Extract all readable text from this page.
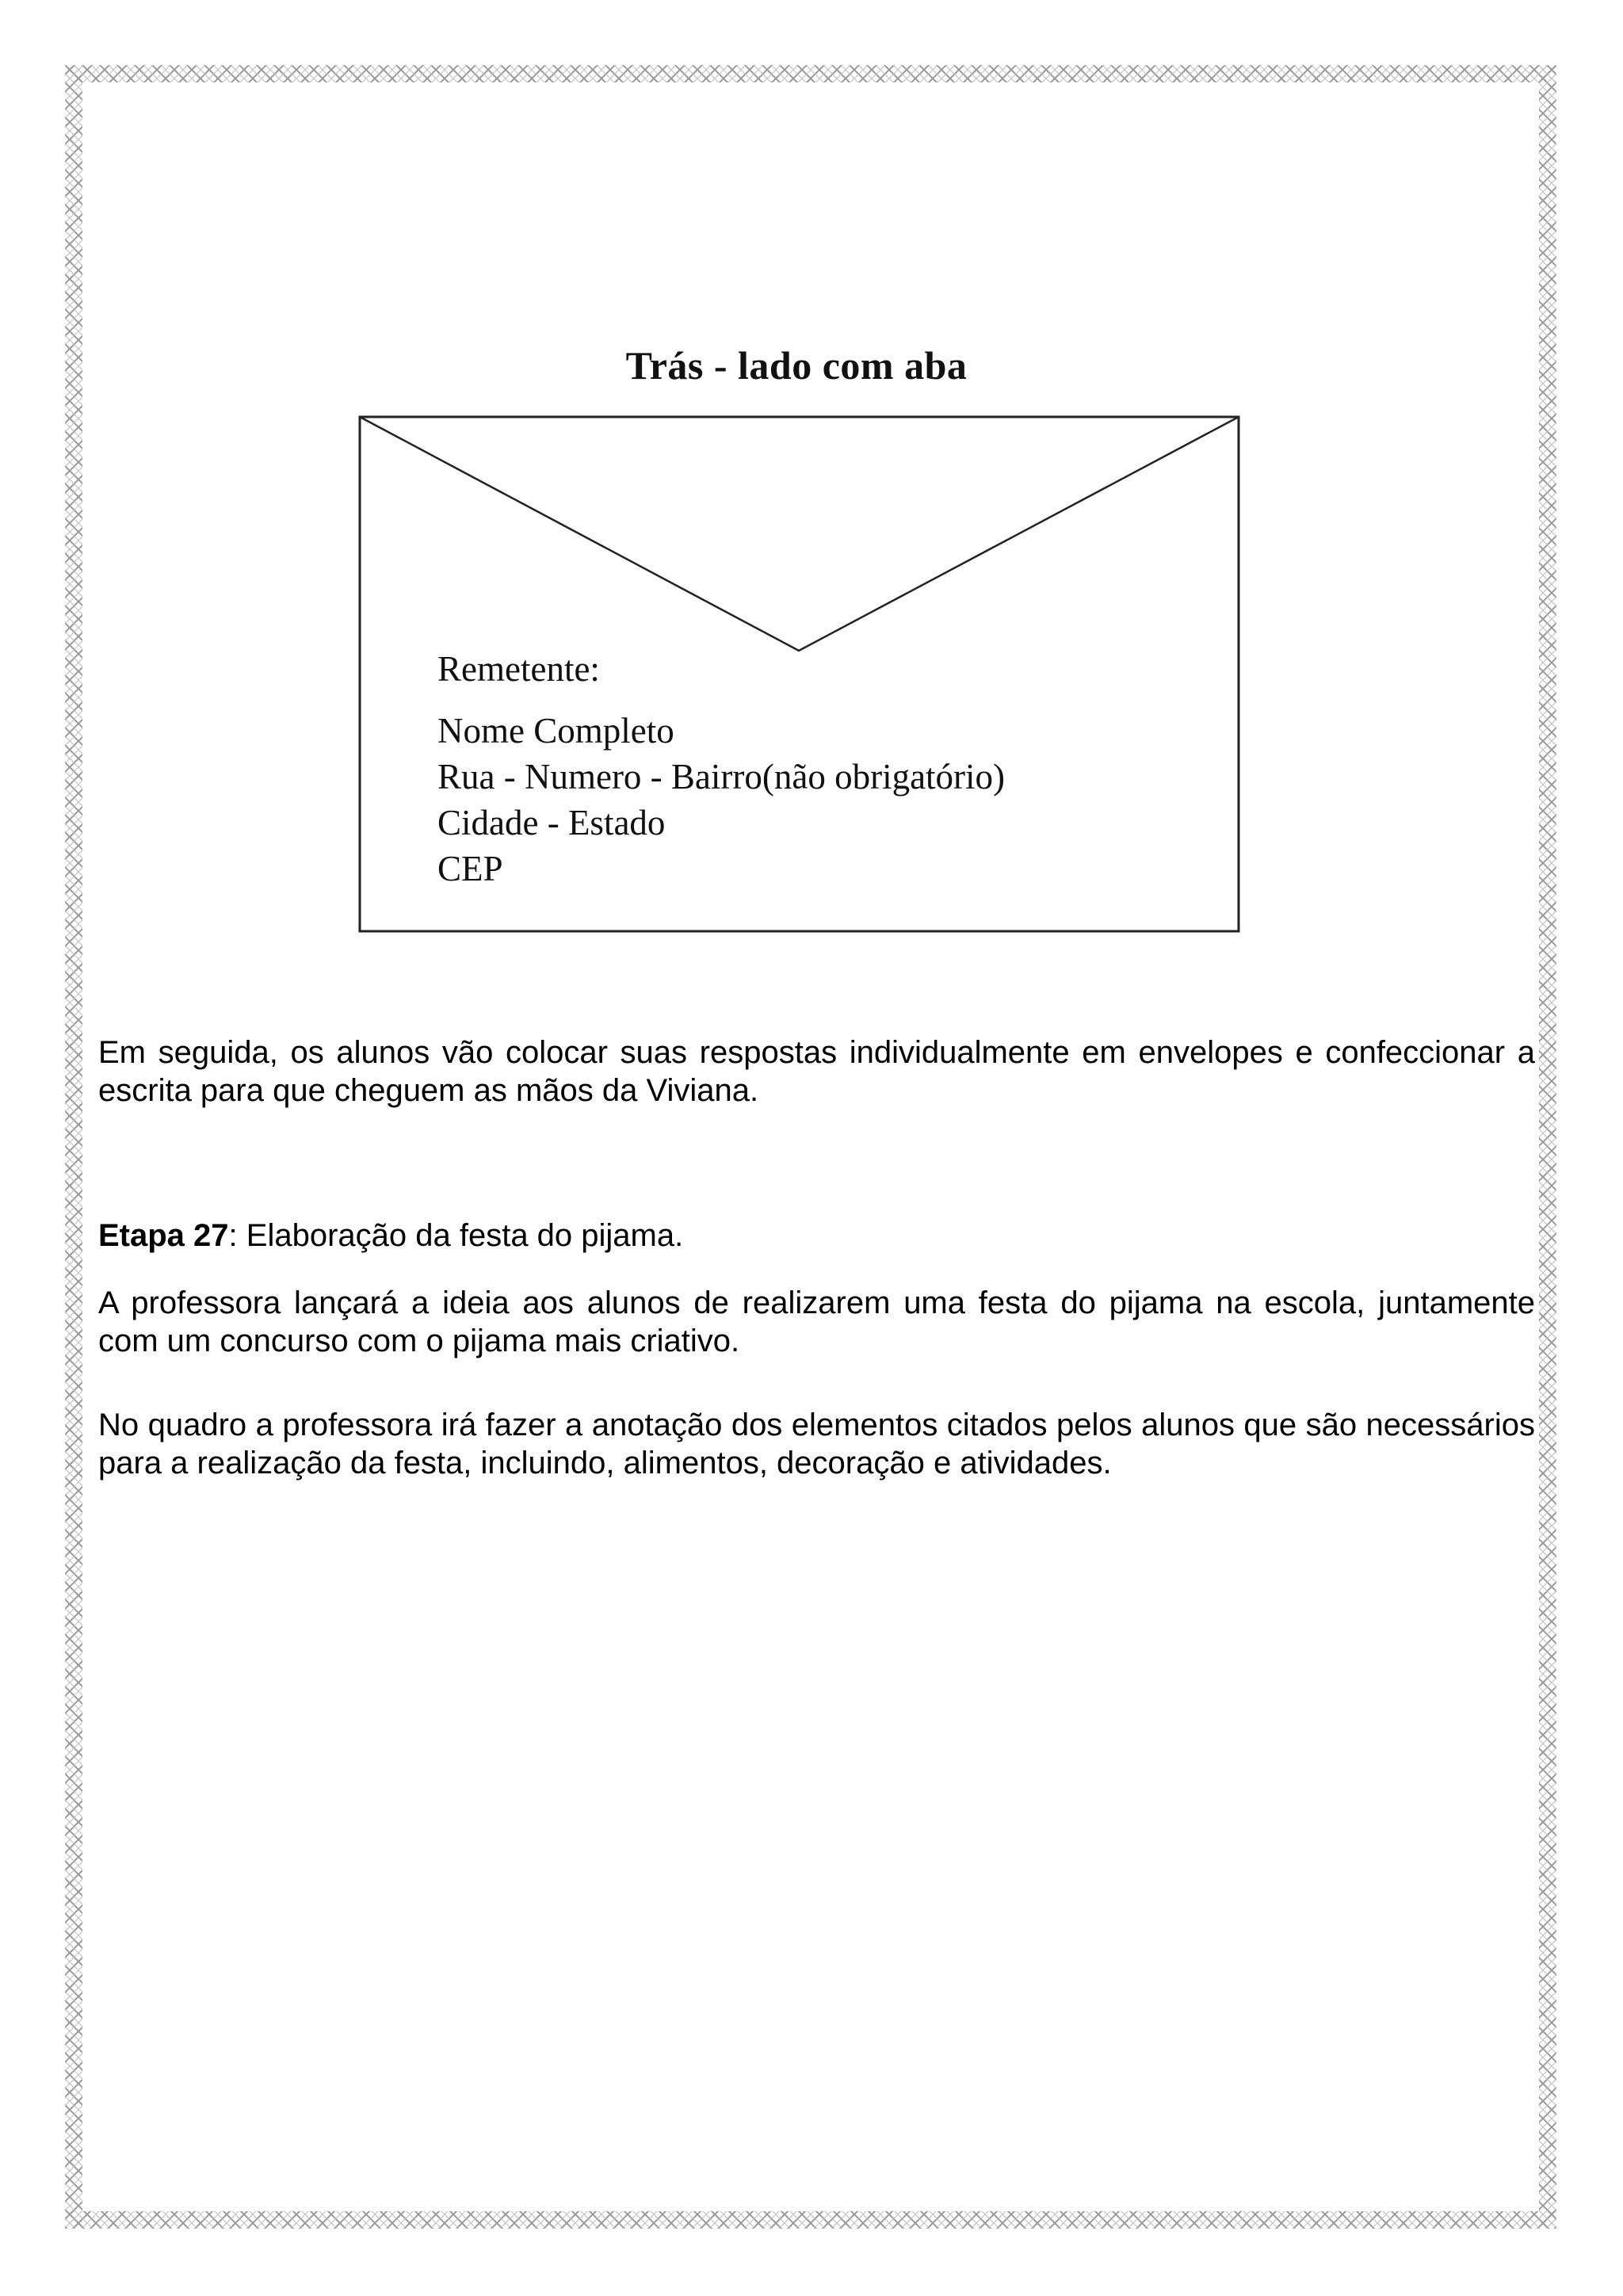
Trás - lado com aba
Remetente:
Nome Completo
Rua - Numero - Bairro(não obrigatório)
Cidade - Estado
CEP

Em seguida, os alunos vão colocar suas respostas individualmente em envelopes e confeccionar a escrita para que cheguem as mãos da Viviana.

Etapa 27: Elaboração da festa do pijama.

A professora lançará a ideia aos alunos de realizarem uma festa do pijama na escola, juntamente com um concurso com o pijama mais criativo.

No quadro a professora irá fazer a anotação dos elementos citados pelos alunos que são necessários para a realização da festa, incluindo, alimentos, decoração e atividades.
